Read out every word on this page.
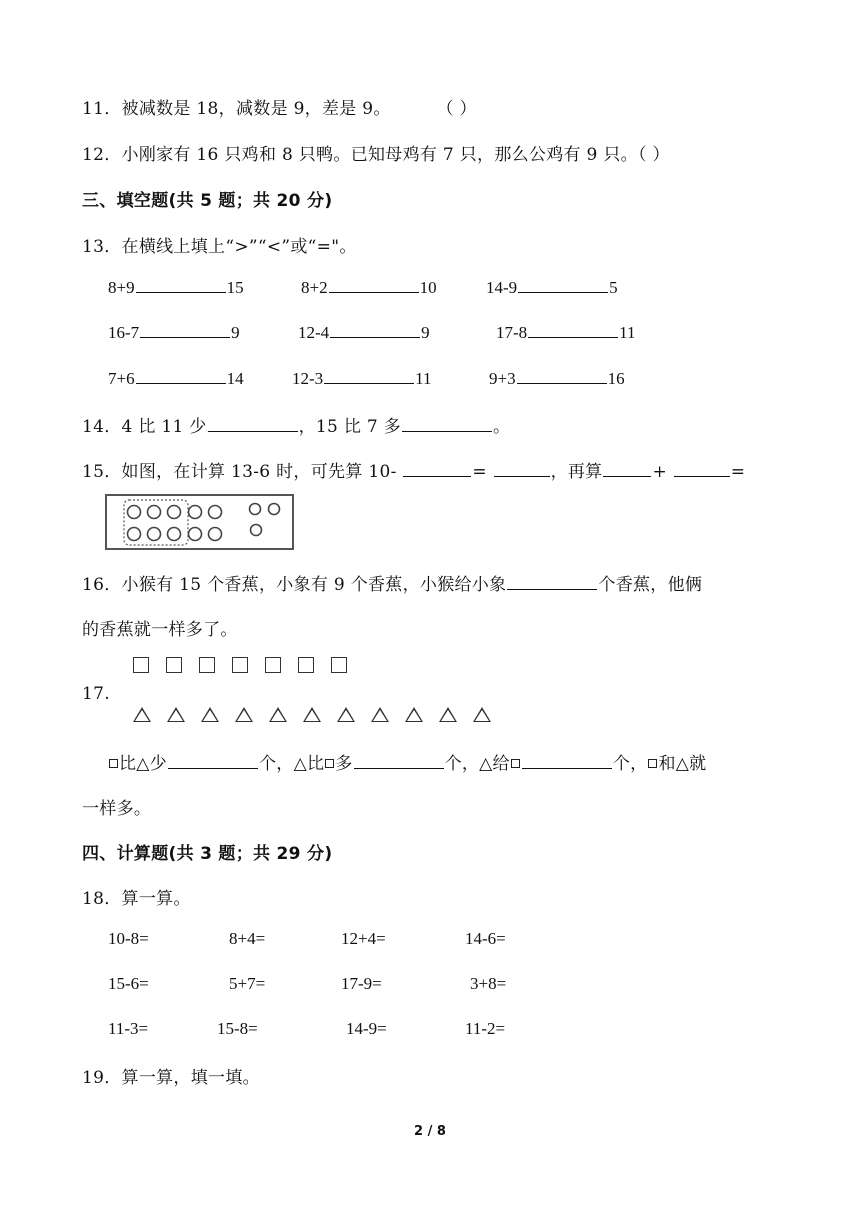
11．被减数是 18，减数是 9，差是 9。	（ ）
12．小刚家有 16 只鸡和 8 只鸭。已知母鸡有 7 只，那么公鸡有 9 只。（ ）
三、填空题(共 5 题；共 20 分)
13．在横线上填上“>”“<”或“="。
8+9	15	8+2	10	14-9	5
16-7	9	12-4	9	17-8	11
7+6	14	12-3	11	9+3	16
14．4 比 11 少	，15 比 7 多	。
15．如图，在计算 13-6 时，可先算 10-	=	，再算	+	=
16．小猴有 15 个香蕉，小象有 9 个香蕉，小猴给小象	个香蕉，他俩
的香蕉就一样多了。
17.
比△少	个，△比 多	个，△给	个， 和△就
一样多。
四、计算题(共 3 题；共 29 分)
18．算一算。
10-8=	8+4=	12+4=	14-6=
15-6=	5+7=	17-9=	3+8=
11-3=	15-8=	14-9=	11-2=
19．算一算，填一填。
2 / 8
